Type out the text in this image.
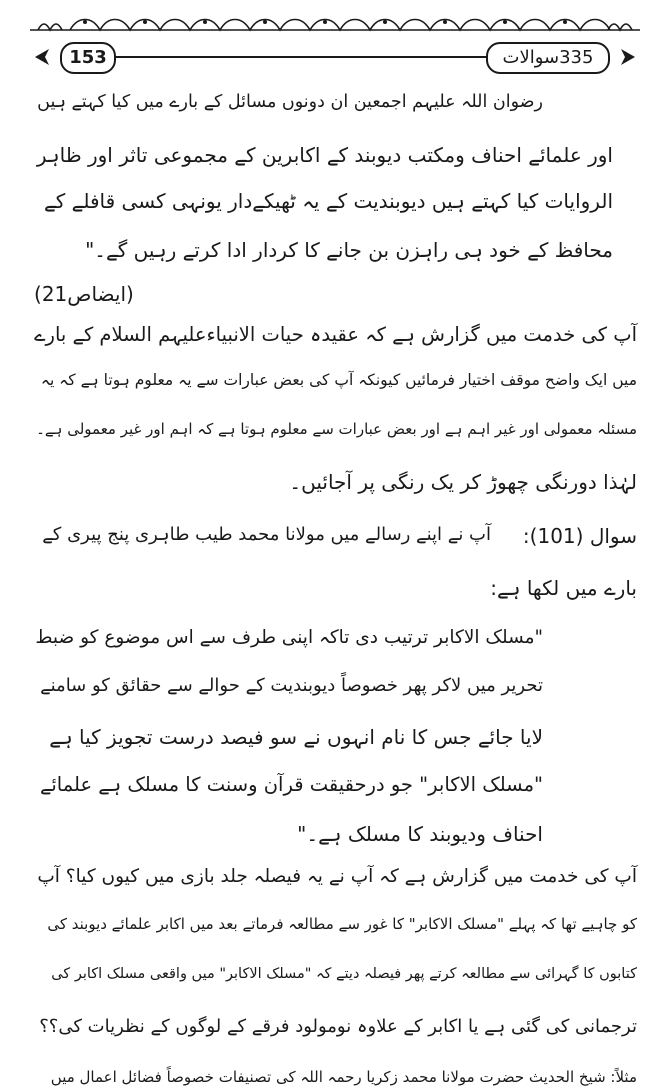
153	335سوالات
رضوان اللہ علیہم اجمعین ان دونوں مسائل کے بارے میں کیا کہتے ہیں
اور علمائے احناف ومکتب دیوبند کے اکابرین کے مجموعی تاثر اور ظاہر
الروایات کیا کہتے ہیں دیوبندیت کے یہ ٹھیکےدار یونہی کسی قافلے کے
محافظ کے خود ہی راہزن بن جانے کا کردار ادا کرتے رہیں گے۔"
(ایضاص21)
آپ کی خدمت میں گزارش ہے کہ عقیدہ حیات الانبیاءعلیہم السلام کے بارے
میں ایک واضح موقف اختیار فرمائیں کیونکہ آپ کی بعض عبارات سے یہ معلوم ہوتا ہے کہ یہ
مسئلہ معمولی اور غیر اہم ہے اور بعض عبارات سے معلوم ہوتا ہے کہ اہم اور غیر معمولی ہے۔
لہٰذا دورنگی چھوڑ کر یک رنگی پر آجائیں۔
سوال (101):
آپ نے اپنے رسالے میں مولانا محمد طیب طاہری پنج پیری کے
بارے میں لکھا ہے:
"مسلک الاکابر ترتیب دی تاکہ اپنی طرف سے اس موضوع کو ضبط
تحریر میں لاکر پھر خصوصاً دیوبندیت کے حوالے سے حقائق کو سامنے
لایا جائے جس کا نام انہوں نے سو فیصد درست تجویز کیا ہے
"مسلک الاکابر" جو درحقیقت قرآن وسنت کا مسلک ہے علمائے
احناف ودیوبند کا مسلک ہے۔"
آپ کی خدمت میں گزارش ہے کہ آپ نے یہ فیصلہ جلد بازی میں کیوں کیا؟ آپ
کو چاہیے تھا کہ پہلے "مسلک الاکابر" کا غور سے مطالعہ فرماتے بعد میں اکابر علمائے دیوبند کی
کتابوں کا گہرائی سے مطالعہ کرتے پھر فیصلہ دیتے کہ "مسلک الاکابر" میں واقعی مسلک اکابر کی
ترجمانی کی گئی ہے یا اکابر کے علاوہ نومولود فرقے کے لوگوں کے نظریات کی؟؟
مثلاً: شیخ الحدیث حضرت مولانا محمد زکریا رحمہ اللہ کی تصنیفات خصوصاً فضائل اعمال میں
